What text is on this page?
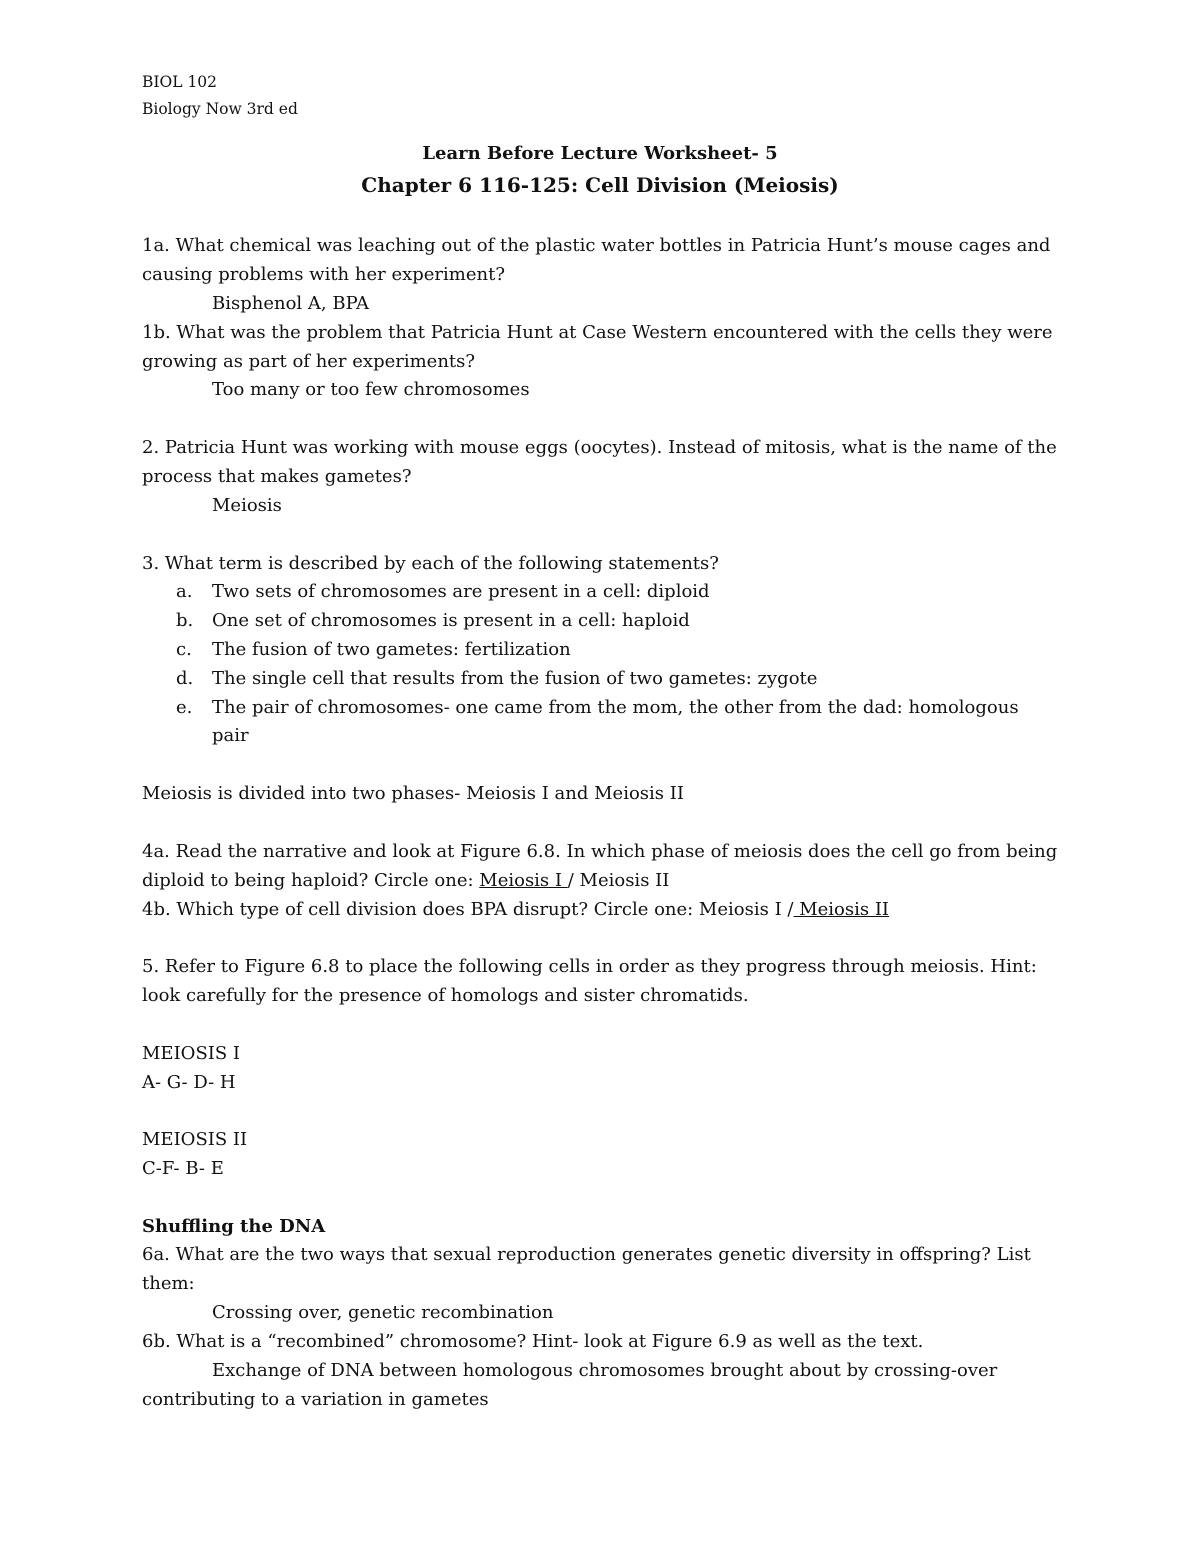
BIOL 102
Biology Now 3rd ed
Learn Before Lecture Worksheet- 5
Chapter 6 116-125: Cell Division (Meiosis)
1a. What chemical was leaching out of the plastic water bottles in Patricia Hunt’s mouse cages and
causing problems with her experiment?
Bisphenol A, BPA
1b. What was the problem that Patricia Hunt at Case Western encountered with the cells they were
growing as part of her experiments?
Too many or too few chromosomes
2. Patricia Hunt was working with mouse eggs (oocytes). Instead of mitosis, what is the name of the
process that makes gametes?
Meiosis
3. What term is described by each of the following statements?
a. Two sets of chromosomes are present in a cell: diploid
b. One set of chromosomes is present in a cell: haploid
c. The fusion of two gametes: fertilization
d. The single cell that results from the fusion of two gametes: zygote
e. The pair of chromosomes- one came from the mom, the other from the dad: homologous
pair
Meiosis is divided into two phases- Meiosis I and Meiosis II
4a. Read the narrative and look at Figure 6.8. In which phase of meiosis does the cell go from being
diploid to being haploid? Circle one: Meiosis I / Meiosis II
4b. Which type of cell division does BPA disrupt? Circle one: Meiosis I / Meiosis II
5. Refer to Figure 6.8 to place the following cells in order as they progress through meiosis. Hint:
look carefully for the presence of homologs and sister chromatids.
MEIOSIS I
A- G- D- H
MEIOSIS II
C-F- B- E
Shuffling the DNA
6a. What are the two ways that sexual reproduction generates genetic diversity in offspring? List
them:
Crossing over, genetic recombination
6b. What is a “recombined” chromosome? Hint- look at Figure 6.9 as well as the text.
Exchange of DNA between homologous chromosomes brought about by crossing-over
contributing to a variation in gametes
